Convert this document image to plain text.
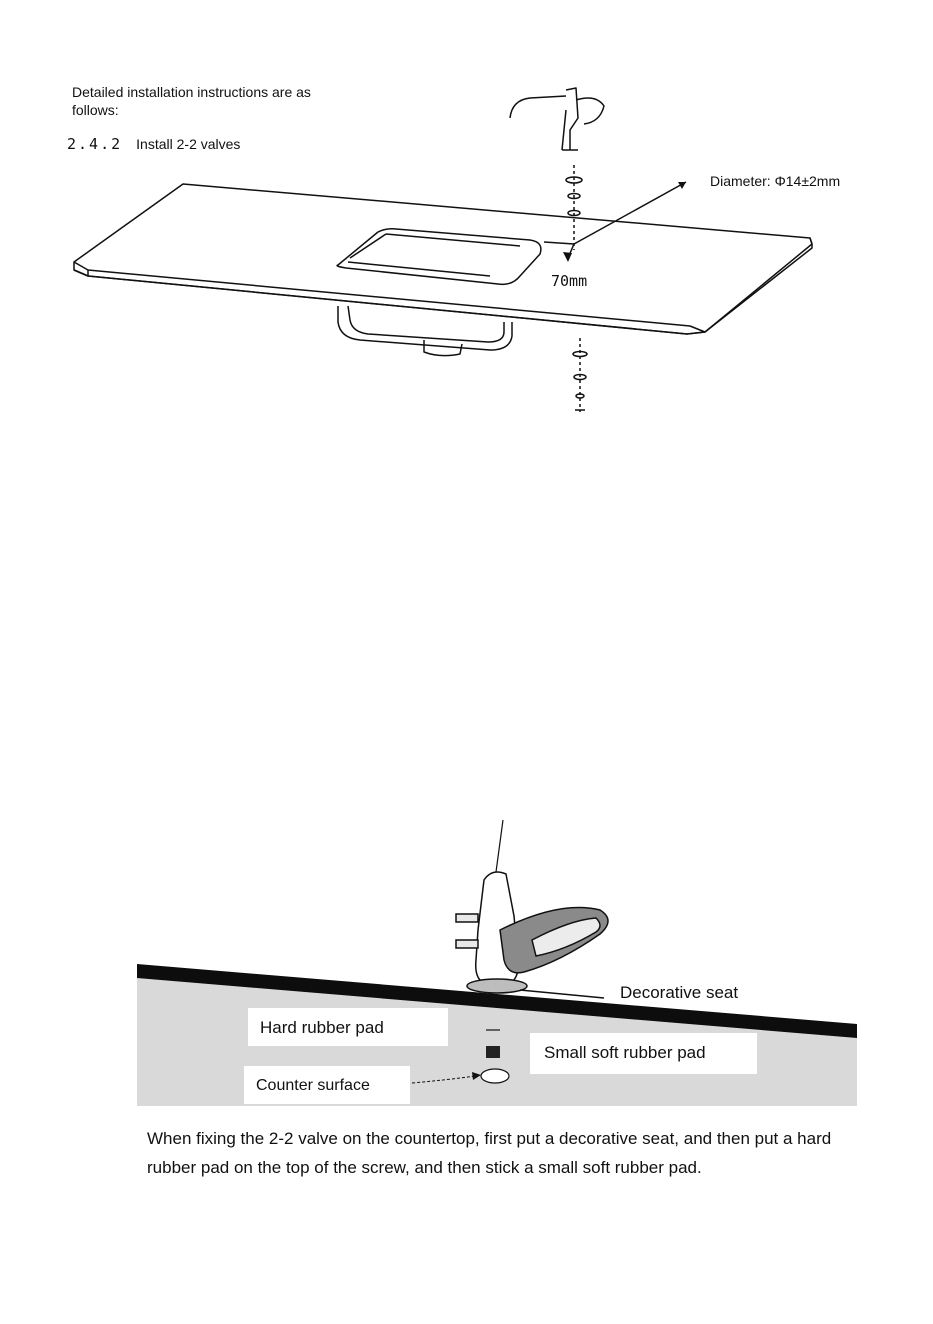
Detailed installation instructions are as follows:
2.4.2 Install 2-2 valves
Diameter: Φ14±2mm
70mm
Decorative seat
Hard rubber pad
Small soft rubber pad
Counter surface
When fixing the 2-2 valve on the countertop, first put a decorative seat, and then put a hard rubber pad on the top of the screw, and then stick a small soft rubber pad.
